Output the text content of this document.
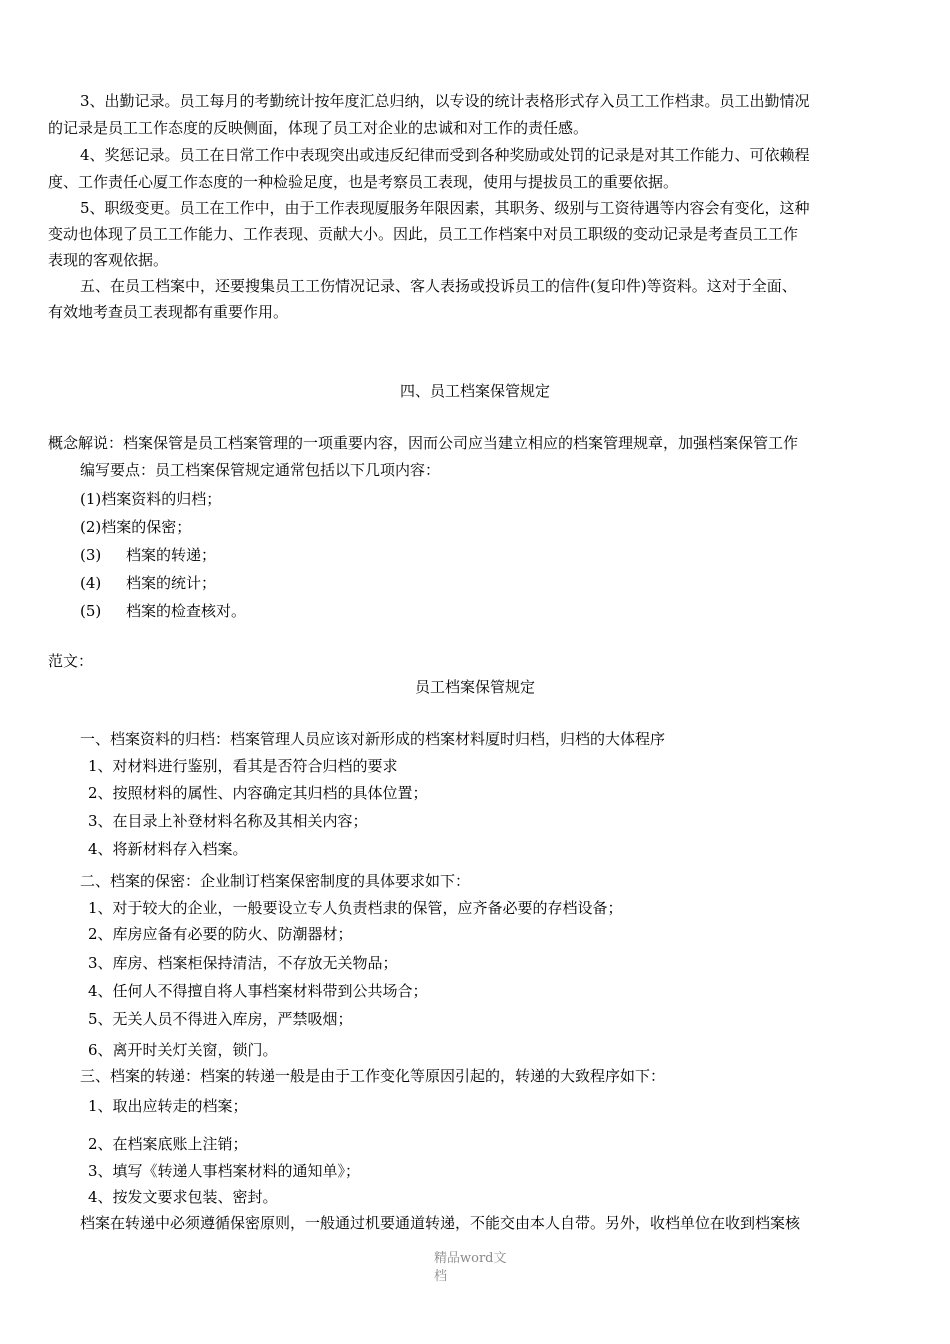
3、出勤记录。员工每月的考勤统计按年度汇总归纳，以专设的统计表格形式存入员工工作档隶。员工出勤情况
的记录是员工工作态度的反映侧面，体现了员工对企业的忠诚和对工作的责任感。
4、奖惩记录。员工在日常工作中表现突出或违反纪律而受到各种奖励或处罚的记录是对其工作能力、可依赖程
度、工作责任心厦工作态度的一种检验足度，也是考察员工表现，使用与提拔员工的重要依据。
5、职级变更。员工在工作中，由于工作表现厦服务年限因素，其职务、级别与工资待遇等内容会有变化，这种
变动也体现了员工工作能力、工作表现、贡献大小。因此，员工工作档案中对员工职级的变动记录是考查员工工作
表现的客观依据。
五、在员工档案中，还要搜集员工工伤情况记录、客人表扬或投诉员工的信件(复印件)等资料。这对于全面、
有效地考查员工表现都有重要作用。
四、员工档案保管规定
概念解说：档案保管是员工档案管理的一项重要内容，因而公司应当建立相应的档案管理规章，加强档案保管工作
编写要点：员工档案保管规定通常包括以下几项内容：
(1)档案资料的归档；
(2)档案的保密；
(3) 档案的转递；
(4) 档案的统计；
(5) 档案的检查核对。
范文：
员工档案保管规定
一、档案资料的归档：档案管理人员应该对新形成的档案材料厦时归档，归档的大体程序
1、对材料进行鉴别，看其是否符合归档的要求
2、按照材料的属性、内容确定其归档的具体位置；
3、在目录上补登材料名称及其相关内容；
4、将新材料存入档案。
二、档案的保密：企业制订档案保密制度的具体要求如下：
1、对于较大的企业，一般要设立专人负责档隶的保管，应齐备必要的存档设备；
2、库房应备有必要的防火、防潮器材；
3、库房、档案柜保持清洁，不存放无关物品；
4、任何人不得擅自将人事档案材料带到公共场合；
5、无关人员不得进入库房，严禁吸烟；
6、离开时关灯关窗，锁门。
三、档案的转递：档案的转递一般是由于工作变化等原因引起的，转递的大致程序如下：
1、取出应转走的档案；
2、在档案底账上注销；
3、填写《转递人事档案材料的通知单》；
4、按发文要求包装、密封。
档案在转递中必须遵循保密原则，一般通过机要通道转递，不能交由本人自带。另外，收档单位在收到档案核
精品word文
档
